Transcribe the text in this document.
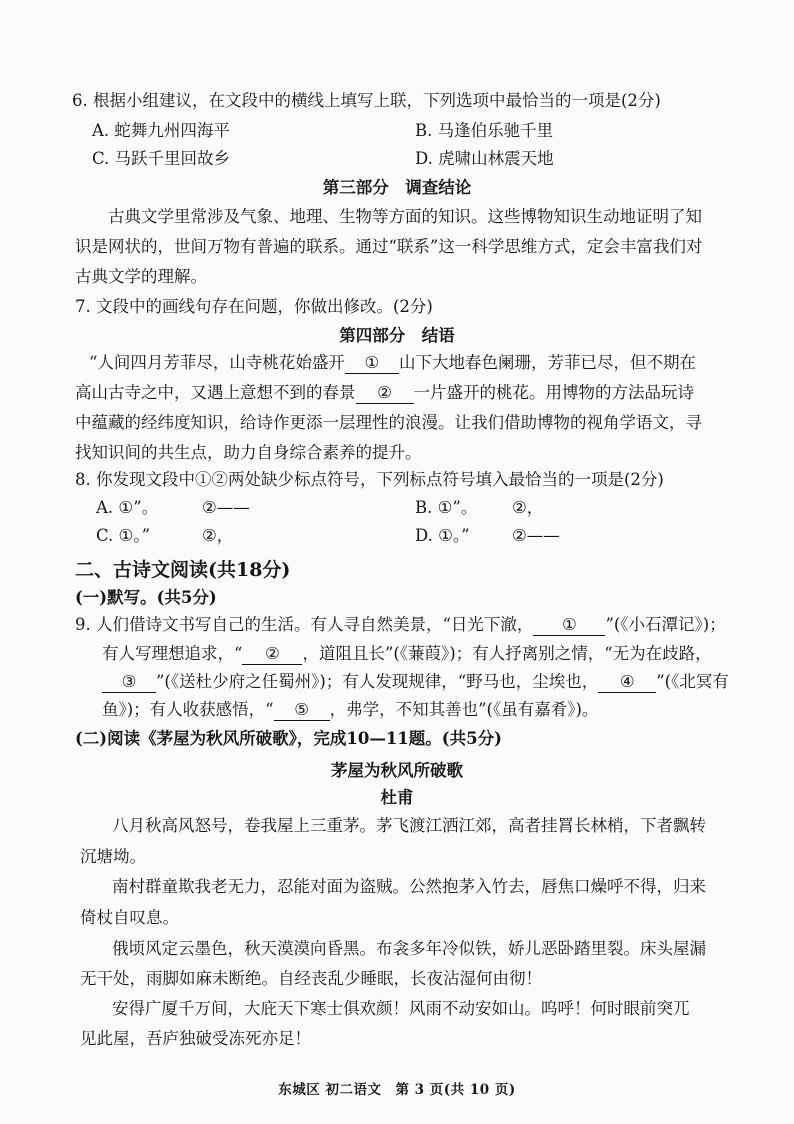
6. 根据小组建议，在文段中的横线上填写上联，下列选项中最恰当的一项是(2分)
A. 蛇舞九州四海平	B. 马逢伯乐驰千里
C. 马跃千里回故乡	D. 虎啸山林震天地
第三部分　调查结论
古典文学里常涉及气象、地理、生物等方面的知识。这些博物知识生动地证明了知
识是网状的，世间万物有普遍的联系。通过“联系”这一科学思维方式，定会丰富我们对
古典文学的理解。
7. 文段中的画线句存在问题，你做出修改。(2分)
第四部分　结语
“人间四月芳菲尽，山寺桃花始盛开 ① 山下大地春色阑珊，芳菲已尽，但不期在
高山古寺之中，又遇上意想不到的春景 ② 一片盛开的桃花。用博物的方法品玩诗
中蕴藏的经纬度知识，给诗作更添一层理性的浪漫。让我们借助博物的视角学语文，寻
找知识间的共生点，助力自身综合素养的提升。
8. 你发现文段中①②两处缺少标点符号，下列标点符号填入最恰当的一项是(2分)
A. ①”。	②——	B. ①”。 ②，
C. ①。”	②，	D. ①。”	②——
二、古诗文阅读(共18分)
(一)默写。(共5分)
9. 人们借诗文书写自己的生活。有人寻自然美景，“日光下澈， ① ”(《小石潭记》)；
有人写理想追求，“ ② ，道阻且长”(《蒹葭》)；有人抒离别之情，“无为在歧路，
③ ”(《送杜少府之任蜀州》)；有人发现规律，“野马也，尘埃也， ④ ”(《北冥有
鱼》)；有人收获感悟，“ ⑤ ，弗学，不知其善也”(《虽有嘉肴》)。
(二)阅读《茅屋为秋风所破歌》，完成10—11题。(共5分)
茅屋为秋风所破歌
杜甫
八月秋高风怒号，卷我屋上三重茅。茅飞渡江洒江郊，高者挂罥长林梢，下者飘转
沉塘坳。
南村群童欺我老无力，忍能对面为盗贼。公然抱茅入竹去，唇焦口燥呼不得，归来
倚杖自叹息。
俄顷风定云墨色，秋天漠漠向昏黑。布衾多年冷似铁，娇儿恶卧踏里裂。床头屋漏
无干处，雨脚如麻未断绝。自经丧乱少睡眠，长夜沾湿何由彻！
安得广厦千万间，大庇天下寒士俱欢颜！风雨不动安如山。呜呼！何时眼前突兀
见此屋，吾庐独破受冻死亦足！
东城区 初二语文　第 3 页(共 10 页)
